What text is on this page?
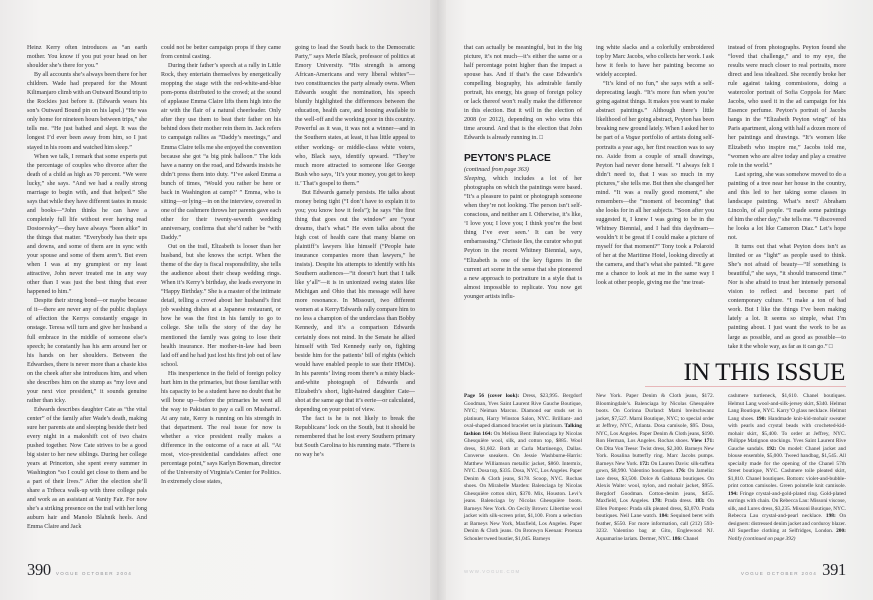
Heinz Kerry often introduces as “an earth mother. You know if you put your head on her shoulder she’s there for you.”

By all accounts she’s always been there for her children. Wade had prepared for the Mount Kilimanjaro climb with an Outward Bound trip to the Rockies just before it. (Edwards wears his son’s Outward Bound pin on his lapel.) “He was only home for nineteen hours between trips,” she tells me. “He just bathed and slept. It was the longest I’d ever been away from him, so I just stayed in his room and watched him sleep.”

When we talk, I remark that some experts put the percentage of couples who divorce after the death of a child as high as 70 percent. “We were lucky,” she says. “And we had a really strong marriage to begin with, and that helped.” She says that while they have different tastes in music and books—“John thinks he can have a completely full life without ever having read Dostoevsky”—they have always “been alike” in the things that matter. “Everybody has their ups and downs, and some of them are in sync with your spouse and some of them aren’t. But even when I was at my grumpiest or my least attractive, John never treated me in any way other than I was just the best thing that ever happened to him.”

Despite their strong bond—or maybe because of it—there are never any of the public displays of affection the Kerrys constantly engage in onstage. Teresa will turn and give her husband a full embrace in the middle of someone else’s speech; he constantly has his arm around her or his hands on her shoulders. Between the Edwardses, there is never more than a chaste kiss on the cheek after she introduces him, and when she describes him on the stump as “my love and your next vice president,” it sounds genuine rather than icky.

Edwards describes daughter Cate as “the vital center” of the family after Wade’s death, making sure her parents ate and sleeping beside their bed every night in a makeshift cot of two chairs pushed together. Now Cate strives to be a good big sister to her new siblings. During her college years at Princeton, she spent every summer in Washington “so I could get close to them and be a part of their lives.” After the election she’ll share a Tribeca walk-up with three college pals and work as an assistant at Vanity Fair. For now she’s a striking presence on the trail with her long auburn hair and Manolo Blahnik heels. And Emma Claire and Jack

could not be better campaign props if they came from central casting.

During their father’s speech at a rally in Little Rock, they entertain themselves by energetically mopping the stage with the red-white-and-blue pom-poms distributed to the crowd; at the sound of applause Emma Claire lifts them high into the air with the flair of a natural cheerleader. Only after they use them to beat their father on his behind does their mother rein them in. Jack refers to campaign rallies as “Daddy’s meetings,” and Emma Claire tells me she enjoyed the convention because she got “a big pink balloon.” The kids have a nanny on the road, and Edwards insists he didn’t press them into duty. “I’ve asked Emma a bunch of times, ‘Would you rather be here or back in Washington at camp?’ ” Emma, who is sitting—or lying—in on the interview, covered in one of the cashmere throws her parents gave each other for their twenty-seventh wedding anniversary, confirms that she’d rather be “with Daddy.”

Out on the trail, Elizabeth is looser than her husband, but she knows the script. When the theme of the day is fiscal responsibility, she tells the audience about their cheap wedding rings. When it’s Kerry’s birthday, she leads everyone in “Happy Birthday.” She is a master of the intimate detail, telling a crowd about her husband’s first job washing dishes at a Japanese restaurant, or how he was the first in his family to go to college. She tells the story of the day he mentioned the family was going to lose their health insurance. Her mother-in-law had been laid off and he had just lost his first job out of law school.

His inexperience in the field of foreign policy hurt him in the primaries, but those familiar with his capacity to be a student have no doubt that he will bone up—before the primaries he went all the way to Pakistan to pay a call on Musharraf. At any rate, Kerry is running on his strength in that department. The real issue for now is whether a vice president really makes a difference in the outcome of a race at all. “At most, vice-presidential candidates affect one percentage point,” says Karlyn Bowman, director of the University of Virginia’s Center for Politics. In extremely close states,

going to lead the South back to the Democratic Party,” says Merle Black, professor of politics at Emory University. “His strength is among African-Americans and very liberal whites”—two constituencies the party already owns. When Edwards sought the nomination, his speech bluntly highlighted the differences between the education, health care, and housing available to the well-off and the working poor in this country. Powerful as it was, it was not a winner—and in the Southern states, at least, it has little appeal to either working- or middle-class white voters, who, Black says, identify upward. “They’re much more attracted to someone like George Bush who says, ‘It’s your money, you get to keep it.’ That’s gospel to them.”

But Edwards gamely persists. He talks about money being tight (“I don’t have to explain it to you; you know how it feels”); he says “the first thing that goes out the window” are “your dreams, that’s what.” He even talks about the high cost of health care that many blame on plaintiff’s lawyers like himself (“People hate insurance companies more than lawyers,” he insists). Despite his attempts to identify with his Southern audiences—“it doesn’t hurt that I talk like y’all”—it is in unionized swing states like Michigan and Ohio that his message will have more resonance. In Missouri, two different women at a Kerry/Edwards rally compare him to no less a champion of the underclass than Bobby Kennedy, and it’s a comparison Edwards certainly does not mind. In the Senate he allied himself with Ted Kennedy early on, fighting beside him for the patients’ bill of rights (which would have enabled people to sue their HMOs). In his parents’ living room there’s a misty black-and-white photograph of Edwards and Elizabeth’s short, light-haired daughter Cate—shot at the same age that it’s eerie—or calculated, depending on your point of view.

The fact is he is not likely to break the Republicans’ lock on the South, but it should be remembered that he lost every Southern primary but South Carolina to his running mate. “There is no way he’s

390 VOGUE OCTOBER 2004

that can actually be meaningful, but in the big picture, it’s not much—it’s either the same or a half percentage point higher than the impact a spouse has. And if that’s the case Edwards’s compelling biography, his admirable family portrait, his energy, his grasp of foreign policy or lack thereof won’t really make the difference in this election. But it will in the election of 2008 (or 2012), depending on who wins this time around. And that is the election that John Edwards is already running in. □

PEYTON’S PLACE
(continued from page 363)

Sleeping, which includes a lot of her photographs on which the paintings were based. “It’s a pleasure to paint or photograph someone when they’re not looking. The person isn’t self-conscious, and neither am I. Otherwise, it’s like, ‘I love you; I love you; I think you’re the best thing I’ve ever seen.’ It can be very embarrassing.” Chrissie Iles, the curator who put Peyton in the recent Whitney Biennial, says, “Elizabeth is one of the key figures in the current art scene in the sense that she pioneered a new approach to portraiture in a style that is almost impossible to replicate. You now get younger artists influ-

ing white slacks and a colorfully embroidered top by Marc Jacobs, who collects her work. I ask how it feels to have her painting become so widely accepted.

“It’s kind of no fun,” she says with a self-deprecating laugh. “It’s more fun when you’re going against things. It makes you want to make abstract paintings.” Although there’s little likelihood of her going abstract, Peyton has been breaking new ground lately. When I asked her to be part of a Vogue portfolio of artists doing self-portraits a year ago, her first reaction was to say no. Aside from a couple of small drawings, Peyton had never done herself. “I always felt I didn’t need to, that I was so much in my pictures,” she tells me. But then she changed her mind. “It was a really good moment,” she remembers—the “moment of becoming” that she looks for in all her subjects. “Soon after you suggested it, I knew I was going to be in the Whitney Biennial, and I had this daydream—wouldn’t it be great if I could make a picture of myself for that moment?” Tony took a Polaroid of her at the Maritime Hotel, looking directly at the camera, and that’s what she painted. “It gave me a chance to look at me in the same way I look at other people, giving me the ‘me treat-

instead of from photographs. Peyton found she “loved that challenge,” and to my eye, the results were much closer to real portraits, more direct and less idealized. She recently broke her rule against taking commissions, doing a watercolor portrait of Sofia Coppola for Marc Jacobs, who used it in the ad campaign for his Essence perfume. Peyton’s portrait of Jacobs hangs in the “Elizabeth Peyton wing” of his Paris apartment, along with half a dozen more of her paintings and drawings. “It’s women like Elizabeth who inspire me,” Jacobs told me, “women who are alive today and play a creative role in the world.”

Last spring, she was somehow moved to do a painting of a tree near her house in the country, and this led to her taking some classes in landscape painting. What’s next? Abraham Lincoln, of all people. “I made some paintings of him the other day,” she tells me. “I discovered he looks a lot like Cameron Diaz.” Let’s hope not.

It turns out that what Peyton does isn’t as limited or as “light” as people used to think. She’s not afraid of beauty—“If something is beautiful,” she says, “it should transcend time.” Nor is she afraid to trust her intensely personal vision to reflect and become part of contemporary culture. “I make a ton of bad work. But I like the things I’ve been making lately a lot. It seems so simple, what I’m painting about. I just want the work to be as large as possible, and as good as possible—to take it the whole way, as far as it can go.” □

IN THIS ISSUE
Page 56 (cover look): Dress, $23,995. Bergdorf Goodman, Yves Saint Laurent Rive Gauche Boutique, NYC; Neiman Marcus. Diamond ear studs set in platinum, Harry Winston Salon, NYC. Brilliant- and oval-shaped diamond bracelet set in platinum. Talking fashion 164: On Melissa Bent: Balenciaga by Nicolas Ghesquière wool, silk, and cotton top, $885. Wool dress, $1,602. Both at Carla Martinengo, Dallas. Converse sneakers. On Jessie Washburne-Harris: Matthew Williamson metallic jacket, $860. Intermix, NYC. Dosa top, $335. Dosa, NYC, Los Angeles. Paper Denim & Cloth jeans, $178. Scoop, NYC. Rochas shoes. On Mirabelle Marden: Balenciaga by Nicolas Ghesquière cotton shirt, $370. Mix, Houston. Levi’s jeans. Balenciaga by Nicolas Ghesquière boots. Barneys New York. On Cecily Brown: Libertine wool jacket with silk-screen print, $1,100. From a selection at Barneys New York, Maxfield, Los Angeles. Paper Denim & Cloth jeans. On Bronwyn Keenan: Proenza Schouler tweed bustier, $1,045. Barneys
New York. Paper Denim & Cloth jeans, $172. Bloomingdale’s. Balenciaga by Nicolas Ghesquière boots. On Corinna Durland: Marni breitschwanz jacket, $7,527. Marni Boutique, NYC; to special order at Jeffrey, NYC, Atlanta. Dosa camisole, $95. Dosa, NYC, Los Angeles. Paper Denim & Cloth jeans, $190. Ron Herman, Los Angeles. Rochas shoes. View 171: On Dita Von Teese: Twist dress, $2,300. Barneys New York. Rosalina butterfly ring. Marc Jacobs pumps. Barneys New York. 172: On Lauren Davis: silk-taffeta gown, $8,990. Valentino boutiques. 176: On Jamelia: lace dress, $3,500. Dolce & Gabbana boutiques. On Alexis Waite: wool, nylon, and mohair jacket, $955. Bergdorf Goodman. Cotton-denim jeans, $455. Maxfield, Los Angeles. 178: Prada dress. 183: On Ellen Pompeo: Prada silk pleated dress, $3,070. Prada boutiques. Neil Lane watch. 184: Sequined beret with feather, $550. For more information, call (212) 593-3232. Valentino bag at Gito, Englewood NJ. Aquamarine lariats. Dermer, NYC. 186: Chanel
cashmere turtleneck, $1,610. Chanel boutiques. Helmut Lang wool-and-silk-jersey skirt, $340. Helmut Lang Boutique, NYC. Karry’O glass necklace. Helmut Lang shoes. 190: Handmade knit-kid-mohair sweater with pearls and crystal beads with crocheted-kid-mohair skirt, $5,400. To order at Jeffrey, NYC. Philippe Matignon stockings. Yves Saint Laurent Rive Gauche sandals. 192: On model: Chanel jacket and blouse ensemble, $5,000. Tweed handbag, $1,545. All specially made for the opening of the Chanel 57th Street boutique, NYC. Cashmere toile pleated skirt, $1,810. Chanel boutiques. Bottom: violet-and-bubble-print cotton camisoles. Green pointelle knit camisole. 194: Fringe crystal-and-gold-plated ring. Gold-plated earrings with chain. On Rebecca Lau: Missoni viscose, silk, and Lurex dress, $3,235. Missoni Boutique, NYC. Rebecca Lau crystal-and-pearl necklace. 198: On designers: distressed denim jacket and corduroy blazer. All Superfine clothing at Selfridges, London. 200: Notify (continued on page 392)
WWW.VOGUE.COM	VOGUE OCTOBER 2004 391
